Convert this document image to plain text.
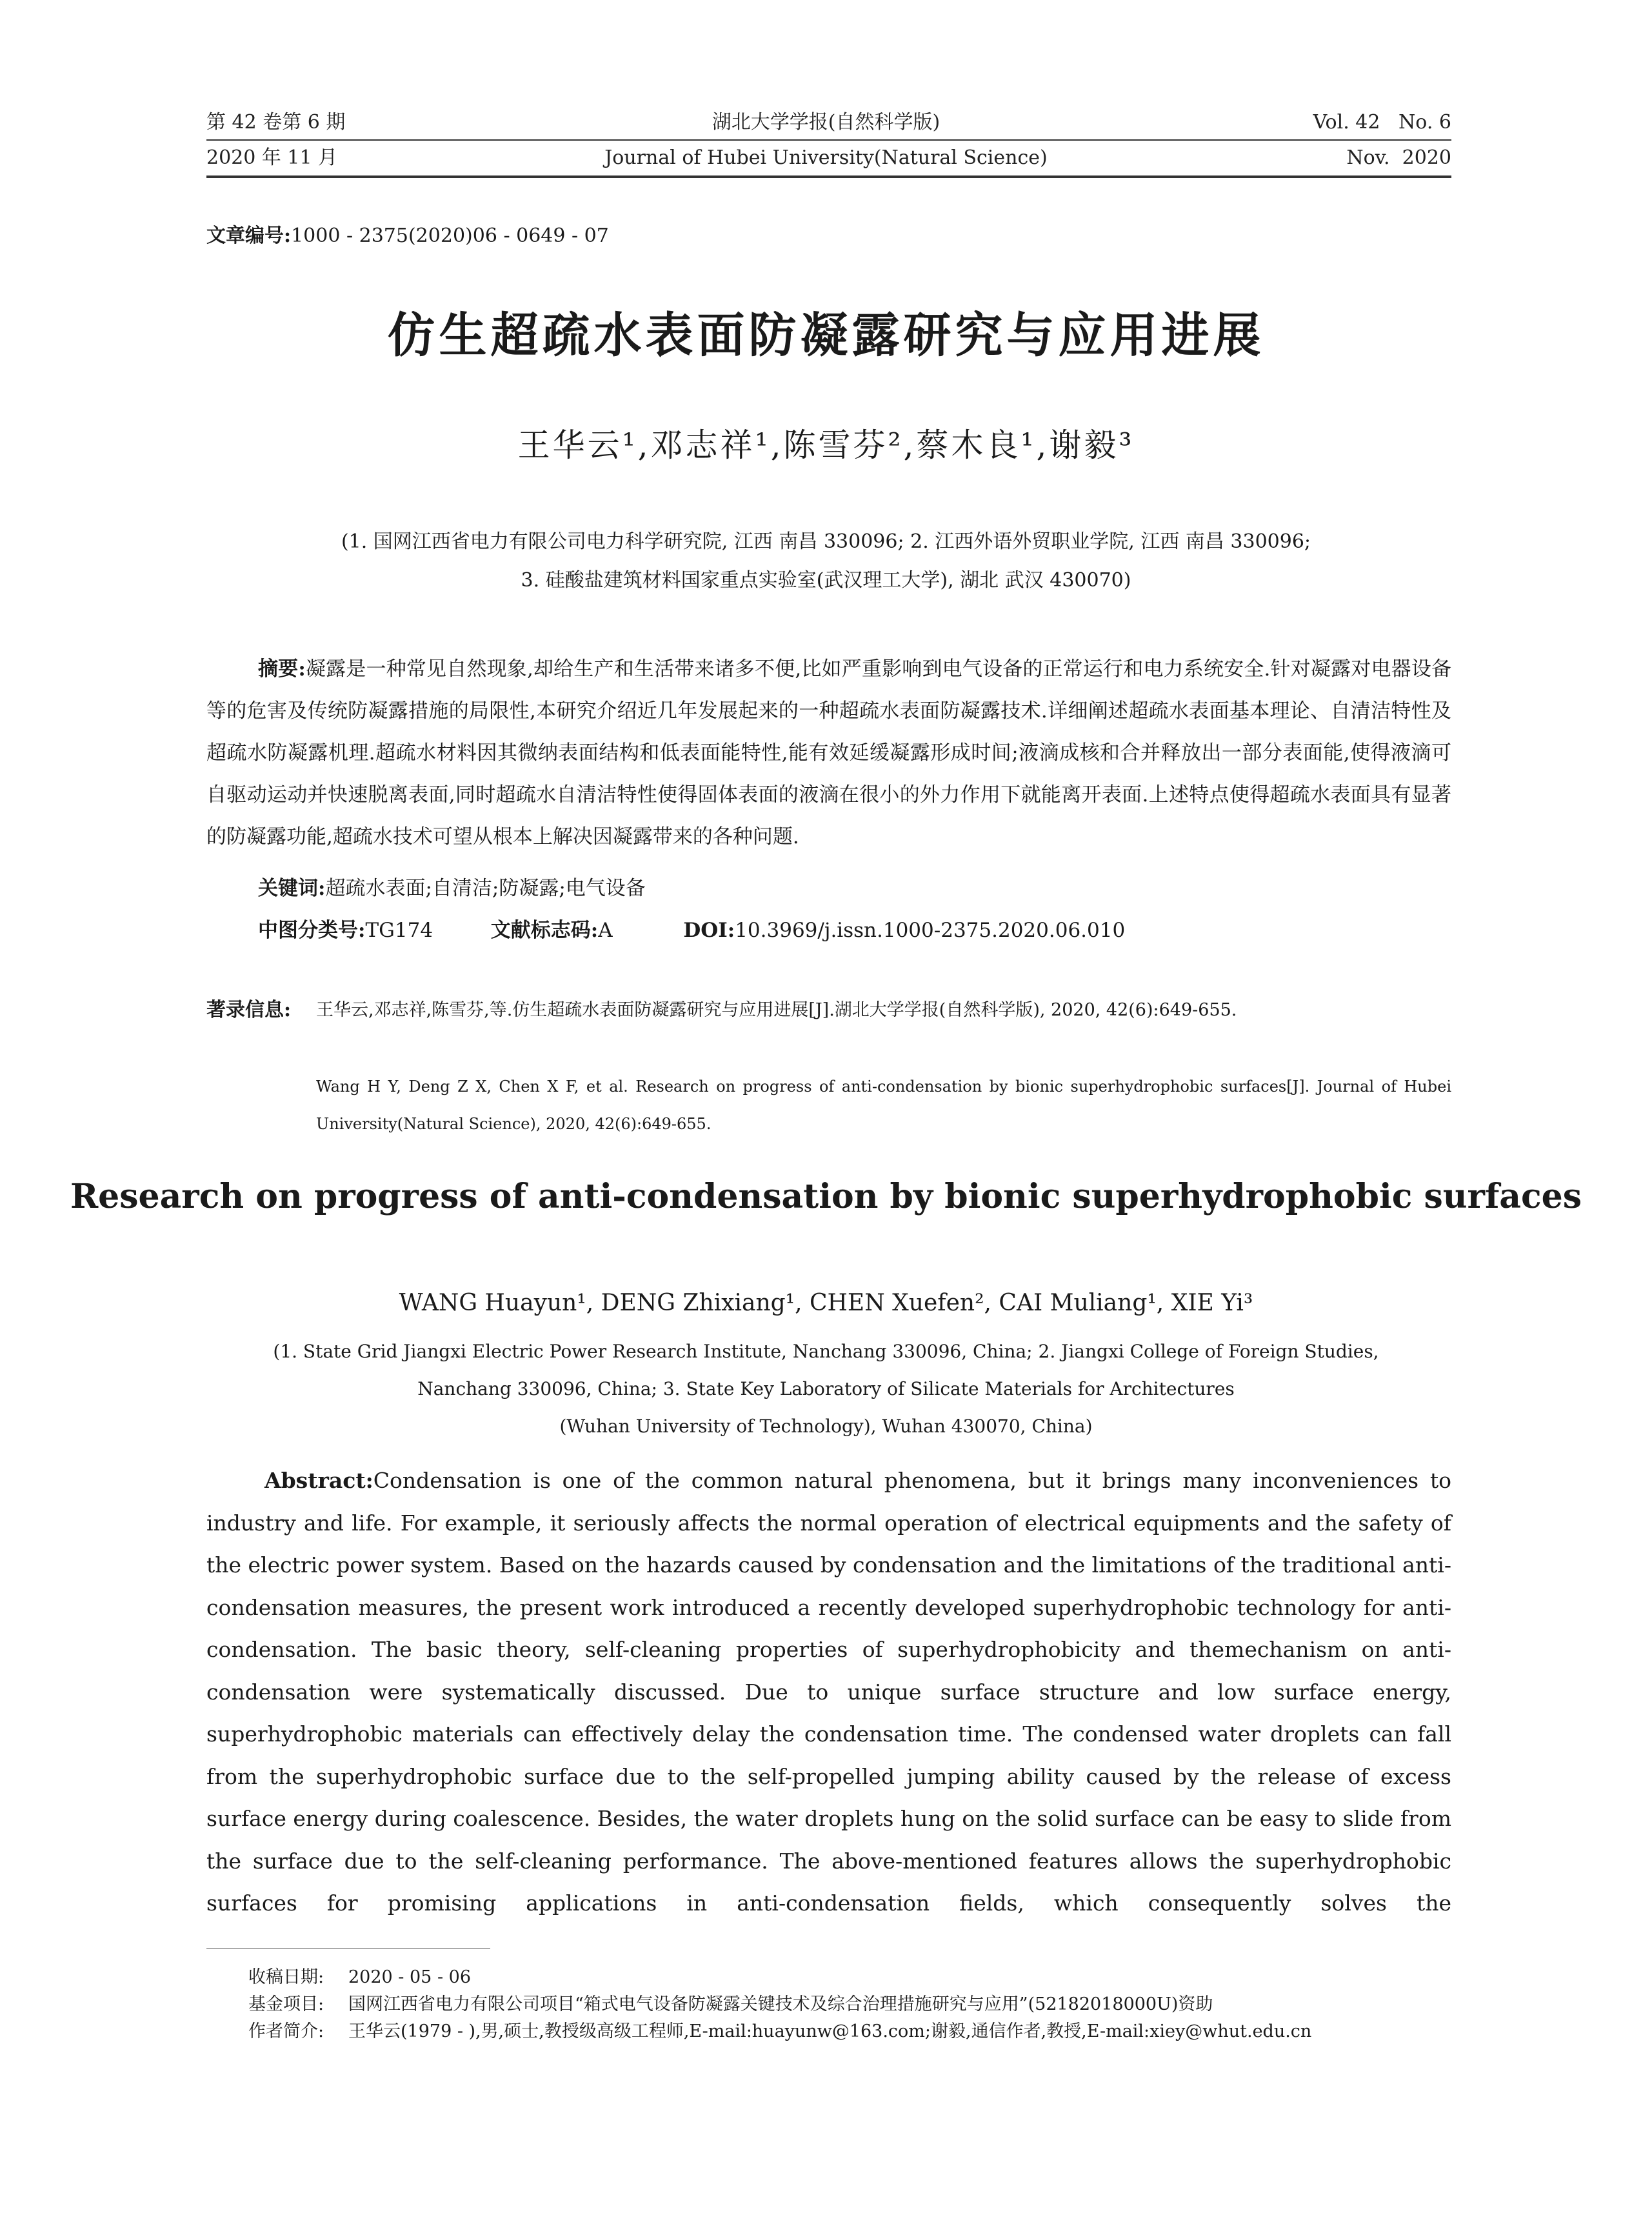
第 42 卷第 6 期
2020 年 11 月
湖北大学学报(自然科学版)
Journal of Hubei University(Natural Science)
Vol. 42   No. 6
Nov.  2020
文章编号:1000 - 2375(2020)06 - 0649 - 07
仿生超疏水表面防凝露研究与应用进展
王华云¹,邓志祥¹,陈雪芬²,蔡木良¹,谢毅³
(1. 国网江西省电力有限公司电力科学研究院, 江西 南昌 330096; 2. 江西外语外贸职业学院, 江西 南昌 330096;
3. 硅酸盐建筑材料国家重点实验室(武汉理工大学), 湖北 武汉 430070)
摘要:凝露是一种常见自然现象,却给生产和生活带来诸多不便,比如严重影响到电气设备的正常运行和电力系统安全.针对凝露对电器设备等的危害及传统防凝露措施的局限性,本研究介绍近几年发展起来的一种超疏水表面防凝露技术.详细阐述超疏水表面基本理论、自清洁特性及超疏水防凝露机理.超疏水材料因其微纳表面结构和低表面能特性,能有效延缓凝露形成时间;液滴成核和合并释放出一部分表面能,使得液滴可自驱动运动并快速脱离表面,同时超疏水自清洁特性使得固体表面的液滴在很小的外力作用下就能离开表面.上述特点使得超疏水表面具有显著的防凝露功能,超疏水技术可望从根本上解决因凝露带来的各种问题.
关键词:超疏水表面;自清洁;防凝露;电气设备
中图分类号:TG174	文献标志码:A	DOI:10.3969/j.issn.1000-2375.2020.06.010
著录信息: 王华云,邓志祥,陈雪芬,等.仿生超疏水表面防凝露研究与应用进展[J].湖北大学学报(自然科学版), 2020, 42(6):649-655.
Wang H Y, Deng Z X, Chen X F, et al. Research on progress of anti-condensation by bionic superhydrophobic surfaces[J]. Journal of Hubei University(Natural Science), 2020, 42(6):649-655.
Research on progress of anti-condensation by bionic superhydrophobic surfaces
WANG Huayun¹, DENG Zhixiang¹, CHEN Xuefen², CAI Muliang¹, XIE Yi³
(1. State Grid Jiangxi Electric Power Research Institute, Nanchang 330096, China; 2. Jiangxi College of Foreign Studies,
Nanchang 330096, China; 3. State Key Laboratory of Silicate Materials for Architectures
(Wuhan University of Technology), Wuhan 430070, China)
Abstract:Condensation is one of the common natural phenomena, but it brings many inconveniences to industry and life. For example, it seriously affects the normal operation of electrical equipments and the safety of the electric power system. Based on the hazards caused by condensation and the limitations of the traditional anti-condensation measures, the present work introduced a recently developed superhydrophobic technology for anti-condensation. The basic theory, self-cleaning properties of superhydrophobicity and themechanism on anti-condensation were systematically discussed. Due to unique surface structure and low surface energy, superhydrophobic materials can effectively delay the condensation time. The condensed water droplets can fall from the superhydrophobic surface due to the self-propelled jumping ability caused by the release of excess surface energy during coalescence. Besides, the water droplets hung on the solid surface can be easy to slide from the surface due to the self-cleaning performance. The above-mentioned features allows the superhydrophobic surfaces for promising applications in anti-condensation fields, which consequently solves the
收稿日期: 2020 - 05 - 06
基金项目: 国网江西省电力有限公司项目“箱式电气设备防凝露关键技术及综合治理措施研究与应用”(52182018000U)资助
作者简介: 王华云(1979 - ),男,硕士,教授级高级工程师,E-mail:huayunw@163.com;谢毅,通信作者,教授,E-mail:xiey@whut.edu.cn
